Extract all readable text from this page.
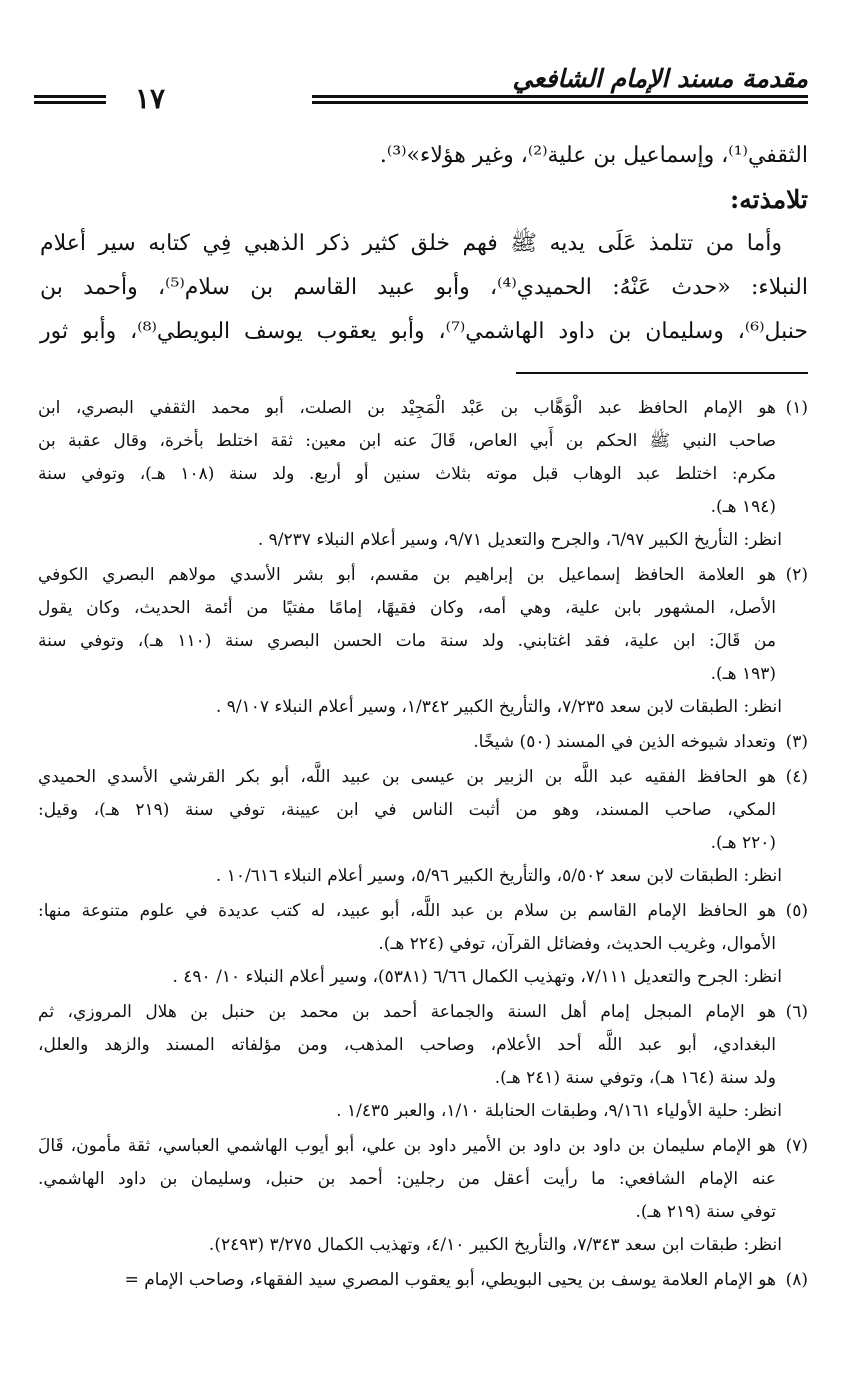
مقدمة مسند الإمام الشافعي
١٧
الثقفي⁽¹⁾، وإسماعيل بن علية⁽²⁾، وغير هؤلاء»⁽³⁾.
تلامذته:
وأما من تتلمذ عَلَى يديه ﷺ فهم خلق كثير ذكر الذهبي فِي كتابه سير أعلام
النبلاء: «حدث عَنْهُ: الحميدي⁽⁴⁾، وأبو عبيد القاسم بن سلام⁽⁵⁾، وأحمد بن
حنبل⁽⁶⁾، وسليمان بن داود الهاشمي⁽⁷⁾، وأبو يعقوب يوسف البويطي⁽⁸⁾، وأبو ثور
(١)
هو الإمام الحافظ عبد الْوَهَّاب بن عَبْد الْمَجِيْد بن الصلت، أبو محمد الثقفي البصري، ابن
صاحب النبي ﷺ الحكم بن أَبي العاص، قَالَ عنه ابن معين: ثقة اختلط بأخرة، وقال عقبة بن
مكرم: اختلط عبد الوهاب قبل موته بثلاث سنين أو أربع. ولد سنة (١٠٨ هـ)، وتوفي سنة
(١٩٤ هـ).
انظر: التأريخ الكبير ٦/٩٧، والجرح والتعديل ٩/٧١، وسير أعلام النبلاء ٩/٢٣٧ .
(٢)
هو العلامة الحافظ إسماعيل بن إبراهيم بن مقسم، أبو بشر الأسدي مولاهم البصري الكوفي
الأصل، المشهور بابن علية، وهي أمه، وكان فقيهًا، إمامًا مفتيًا من أئمة الحديث، وكان يقول
من قَالَ: ابن علية، فقد اغتابني. ولد سنة مات الحسن البصري سنة (١١٠ هـ)، وتوفي سنة
(١٩٣ هـ).
انظر: الطبقات لابن سعد ٧/٢٣٥، والتأريخ الكبير ١/٣٤٢، وسير أعلام النبلاء ٩/١٠٧ .
(٣)
وتعداد شيوخه الذين في المسند (٥٠) شيخًا.
(٤)
هو الحافظ الفقيه عبد اللَّه بن الزبير بن عيسى بن عبيد اللَّه، أبو بكر القرشي الأسدي الحميدي
المكي، صاحب المسند، وهو من أثبت الناس في ابن عيينة، توفي سنة (٢١٩ هـ)، وقيل:
(٢٢٠ هـ).
انظر: الطبقات لابن سعد ٥/٥٠٢، والتأريخ الكبير ٥/٩٦، وسير أعلام النبلاء ١٠/٦١٦ .
(٥)
هو الحافظ الإمام القاسم بن سلام بن عبد اللَّه، أبو عبيد، له كتب عديدة في علوم متنوعة منها:
الأموال، وغريب الحديث، وفضائل القرآن، توفي (٢٢٤ هـ).
انظر: الجرح والتعديل ٧/١١١، وتهذيب الكمال ٦/٦٦ (٥٣٨١)، وسير أعلام النبلاء ١٠/ ٤٩٠ .
(٦)
هو الإمام المبجل إمام أهل السنة والجماعة أحمد بن محمد بن حنبل بن هلال المروزي، ثم
البغدادي، أبو عبد اللَّه أحد الأعلام، وصاحب المذهب، ومن مؤلفاته المسند والزهد والعلل،
ولد سنة (١٦٤ هـ)، وتوفي سنة (٢٤١ هـ).
انظر: حلية الأولياء ٩/١٦١، وطبقات الحنابلة ١/١٠، والعبر ١/٤٣٥ .
(٧)
هو الإمام سليمان بن داود بن داود بن الأمير داود بن علي، أبو أيوب الهاشمي العباسي، ثقة مأمون، قَالَ
عنه الإمام الشافعي: ما رأيت أعقل من رجلين: أحمد بن حنبل، وسليمان بن داود الهاشمي.
توفي سنة (٢١٩ هـ).
انظر: طبقات ابن سعد ٧/٣٤٣، والتأريخ الكبير ٤/١٠، وتهذيب الكمال ٣/٢٧٥ (٢٤٩٣).
(٨)
هو الإمام العلامة يوسف بن يحيى البويطي، أبو يعقوب المصري سيد الفقهاء، وصاحب الإمام =
